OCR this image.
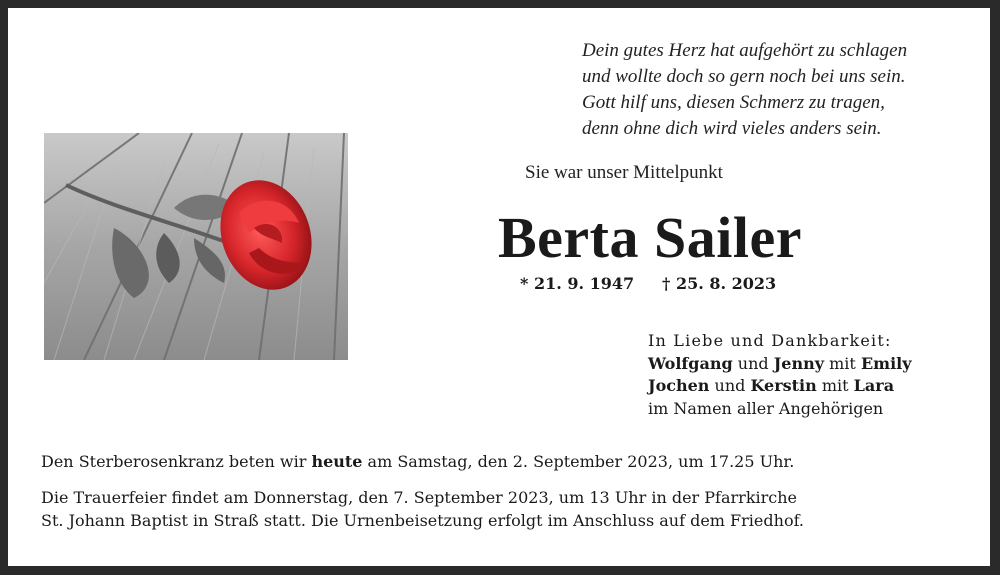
Dein gutes Herz hat aufgehört zu schlagen
und wollte doch so gern noch bei uns sein.
Gott hilf uns, diesen Schmerz zu tragen,
denn ohne dich wird vieles anders sein.
Sie war unser Mittelpunkt
Berta Sailer
* 21. 9. 1947 † 25. 8. 2023
In Liebe und Dankbarkeit:
Wolfgang und Jenny mit Emily
Jochen und Kerstin mit Lara
im Namen aller Angehörigen
Den Sterberosenkranz beten wir heute am Samstag, den 2. September 2023, um 17.25 Uhr.
Die Trauerfeier findet am Donnerstag, den 7. September 2023, um 13 Uhr in der Pfarrkirche
St. Johann Baptist in Straß statt. Die Urnenbeisetzung erfolgt im Anschluss auf dem Friedhof.
